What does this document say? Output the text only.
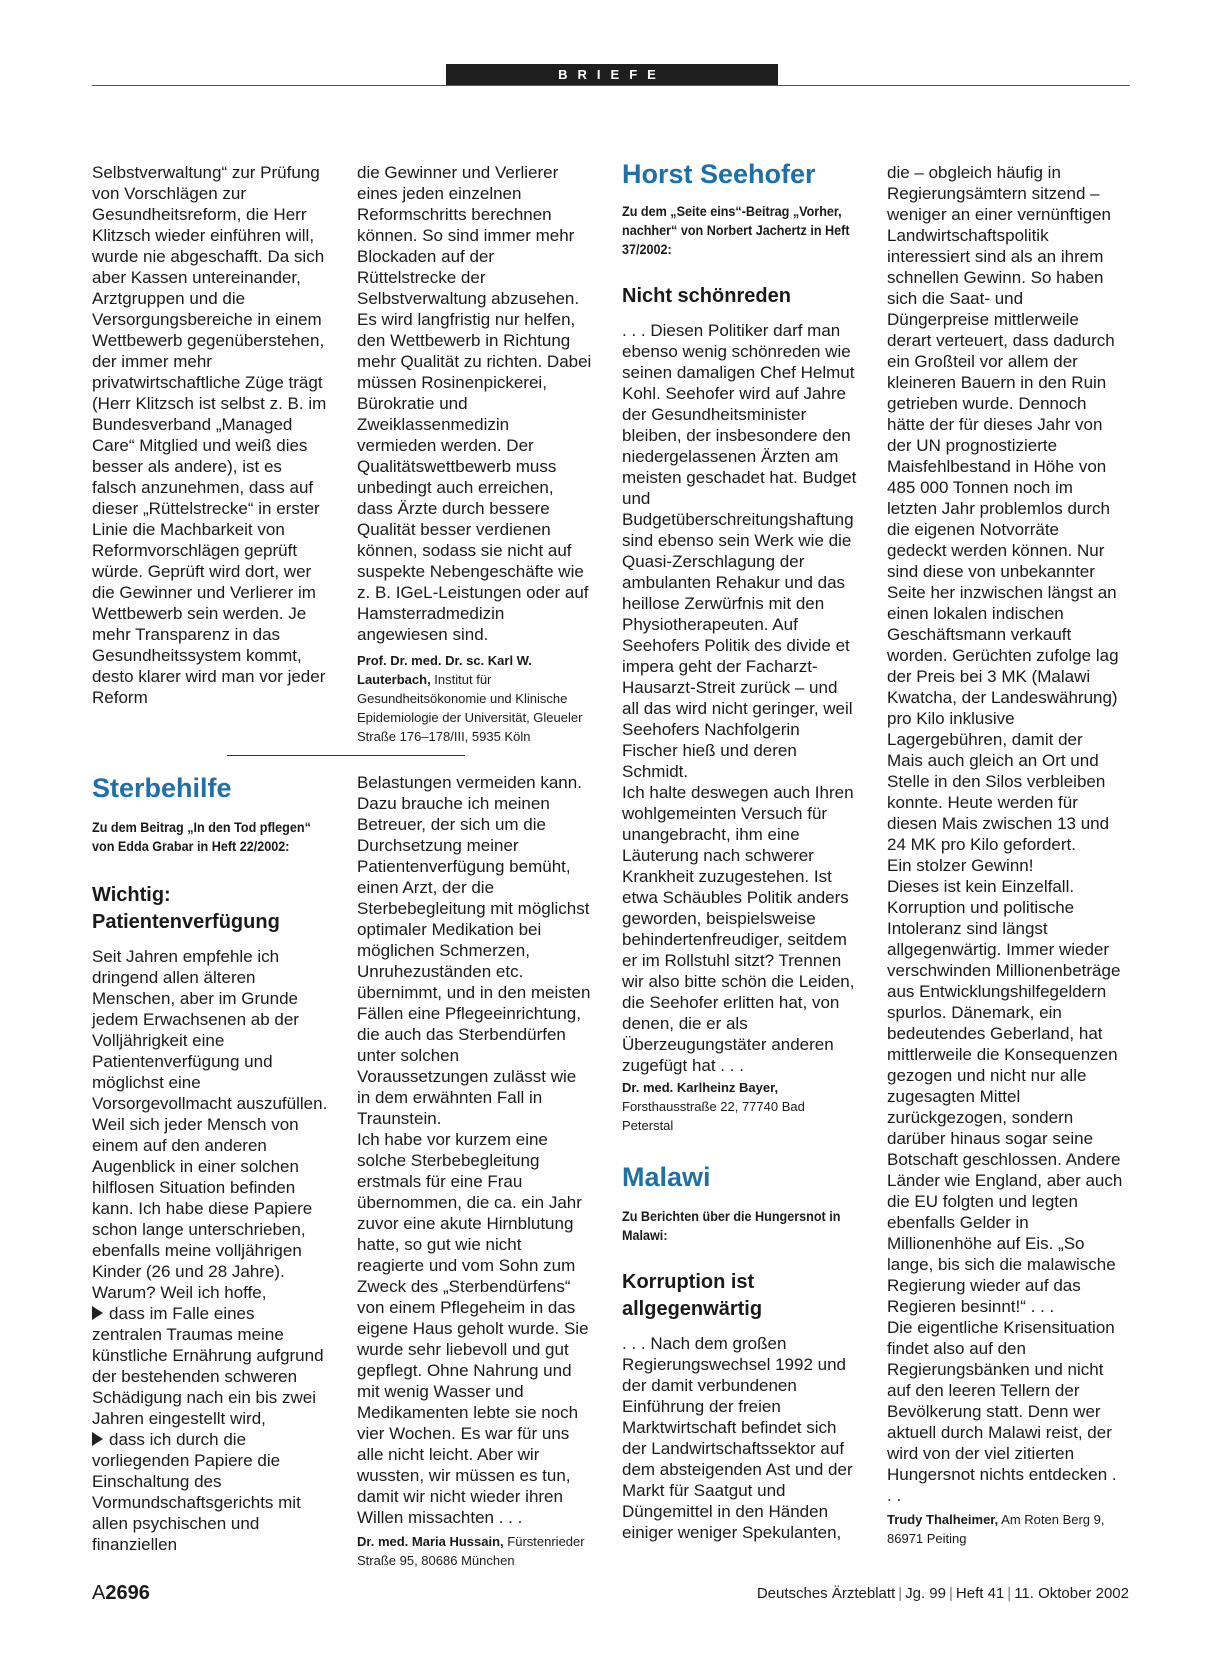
BRIEFE

Selbstverwaltung“ zur Prüfung von Vorschlägen zur Gesundheitsreform, die Herr Klitzsch wieder einführen will, wurde nie abgeschafft. Da sich aber Kassen untereinander, Arztgruppen und die Versorgungsbereiche in einem Wettbewerb gegenüberstehen, der immer mehr privatwirtschaftliche Züge trägt (Herr Klitzsch ist selbst z. B. im Bundesverband „Managed Care“ Mitglied und weiß dies besser als andere), ist es falsch anzunehmen, dass auf dieser „Rüttelstrecke“ in erster Linie die Machbarkeit von Reformvorschlägen geprüft würde. Geprüft wird dort, wer die Gewinner und Verlierer im Wettbewerb sein werden. Je mehr Transparenz in das Gesundheitssystem kommt, desto klarer wird man vor jeder Reform

die Gewinner und Verlierer eines jeden einzelnen Reformschritts berechnen können. So sind immer mehr Blockaden auf der Rüttelstrecke der Selbstverwaltung abzusehen. Es wird langfristig nur helfen, den Wettbewerb in Richtung mehr Qualität zu richten. Dabei müssen Rosinenpickerei, Bürokratie und Zweiklassenmedizin vermieden werden. Der Qualitätswettbewerb muss unbedingt auch erreichen, dass Ärzte durch bessere Qualität besser verdienen können, sodass sie nicht auf suspekte Nebengeschäfte wie z. B. IGeL-Leistungen oder auf Hamsterradmedizin angewiesen sind.

Prof. Dr. med. Dr. sc. Karl W. Lauterbach, Institut für Gesundheitsökonomie und Klinische Epidemiologie der Universität, Gleueler Straße 176–178/III, 5935 Köln

Sterbehilfe

Zu dem Beitrag „In den Tod pflegen“ von Edda Grabar in Heft 22/2002:

Wichtig: Patientenverfügung

Seit Jahren empfehle ich dringend allen älteren Menschen, aber im Grunde jedem Erwachsenen ab der Volljährigkeit eine Patientenverfügung und möglichst eine Vorsorgevollmacht auszufüllen. Weil sich jeder Mensch von einem auf den anderen Augenblick in einer solchen hilflosen Situation befinden kann. Ich habe diese Papiere schon lange unterschrieben, ebenfalls meine volljährigen Kinder (26 und 28 Jahre).

Warum? Weil ich hoffe,

dass im Falle eines zentralen Traumas meine künstliche Ernährung aufgrund der bestehenden schweren Schädigung nach ein bis zwei Jahren eingestellt wird,

dass ich durch die vorliegenden Papiere die Einschaltung des Vormundschaftsgerichts mit allen psychischen und finanziellen

Belastungen vermeiden kann. Dazu brauche ich meinen Betreuer, der sich um die Durchsetzung meiner Patientenverfügung bemüht, einen Arzt, der die Sterbebegleitung mit möglichst optimaler Medikation bei möglichen Schmerzen, Unruhezuständen etc. übernimmt, und in den meisten Fällen eine Pflegeeinrichtung, die auch das Sterbendürfen unter solchen Voraussetzungen zulässt wie in dem erwähnten Fall in Traunstein.

Ich habe vor kurzem eine solche Sterbebegleitung erstmals für eine Frau übernommen, die ca. ein Jahr zuvor eine akute Hirnblutung hatte, so gut wie nicht reagierte und vom Sohn zum Zweck des „Sterbendürfens“ von einem Pflegeheim in das eigene Haus geholt wurde. Sie wurde sehr liebevoll und gut gepflegt. Ohne Nahrung und mit wenig Wasser und Medikamenten lebte sie noch vier Wochen. Es war für uns alle nicht leicht. Aber wir wussten, wir müssen es tun, damit wir nicht wieder ihren Willen missachten . . .

Dr. med. Maria Hussain, Fürstenrieder Straße 95, 80686 München

Horst Seehofer

Zu dem „Seite eins“-Beitrag „Vorher, nachher“ von Norbert Jachertz in Heft 37/2002:

Nicht schönreden

. . . Diesen Politiker darf man ebenso wenig schönreden wie seinen damaligen Chef Helmut Kohl. Seehofer wird auf Jahre der Gesundheitsminister bleiben, der insbesondere den niedergelassenen Ärzten am meisten geschadet hat. Budget und Budgetüberschreitungshaftung sind ebenso sein Werk wie die Quasi-Zerschlagung der ambulanten Rehakur und das heillose Zerwürfnis mit den Physiotherapeuten. Auf Seehofers Politik des divide et impera geht der Facharzt-Hausarzt-Streit zurück – und all das wird nicht geringer, weil Seehofers Nachfolgerin Fischer hieß und deren Schmidt.

Ich halte deswegen auch Ihren wohlgemeinten Versuch für unangebracht, ihm eine Läuterung nach schwerer Krankheit zuzugestehen. Ist etwa Schäubles Politik anders geworden, beispielsweise behindertenfreudiger, seitdem er im Rollstuhl sitzt? Trennen wir also bitte schön die Leiden, die Seehofer erlitten hat, von denen, die er als Überzeugungstäter anderen zugefügt hat . . .

Dr. med. Karlheinz Bayer,
Forsthausstraße 22, 77740 Bad Peterstal

Malawi

Zu Berichten über die Hungersnot in Malawi:

Korruption ist allgegenwärtig

. . . Nach dem großen Regierungswechsel 1992 und der damit verbundenen Einführung der freien Marktwirtschaft befindet sich der Landwirtschaftssektor auf dem absteigenden Ast und der Markt für Saatgut und Düngemittel in den Händen einiger weniger Spekulanten,

die – obgleich häufig in Regierungsämtern sitzend – weniger an einer vernünftigen Landwirtschaftspolitik interessiert sind als an ihrem schnellen Gewinn. So haben sich die Saat- und Düngerpreise mittlerweile derart verteuert, dass dadurch ein Großteil vor allem der kleineren Bauern in den Ruin getrieben wurde. Dennoch hätte der für dieses Jahr von der UN prognostizierte Maisfehlbestand in Höhe von 485 000 Tonnen noch im letzten Jahr problemlos durch die eigenen Notvorräte gedeckt werden können. Nur sind diese von unbekannter Seite her inzwischen längst an einen lokalen indischen Geschäftsmann verkauft worden. Gerüchten zufolge lag der Preis bei 3 MK (Malawi Kwatcha, der Landeswährung) pro Kilo inklusive Lagergebühren, damit der Mais auch gleich an Ort und Stelle in den Silos verbleiben konnte. Heute werden für diesen Mais zwischen 13 und 24 MK pro Kilo gefordert.

Ein stolzer Gewinn!

Dieses ist kein Einzelfall. Korruption und politische Intoleranz sind längst allgegenwärtig. Immer wieder verschwinden Millionenbeträge aus Entwicklungshilfegeldern spurlos. Dänemark, ein bedeutendes Geberland, hat mittlerweile die Konsequenzen gezogen und nicht nur alle zugesagten Mittel zurückgezogen, sondern darüber hinaus sogar seine Botschaft geschlossen. Andere Länder wie England, aber auch die EU folgten und legten ebenfalls Gelder in Millionenhöhe auf Eis. „So lange, bis sich die malawische Regierung wieder auf das Regieren besinnt!“ . . .

Die eigentliche Krisensituation findet also auf den Regierungsbänken und nicht auf den leeren Tellern der Bevölkerung statt. Denn wer aktuell durch Malawi reist, der wird von der viel zitierten Hungersnot nichts entdecken . . .

Trudy Thalheimer, Am Roten Berg 9, 86971 Peiting

A2696	Deutsches Ärzteblatt | Jg. 99 | Heft 41 | 11. Oktober 2002
